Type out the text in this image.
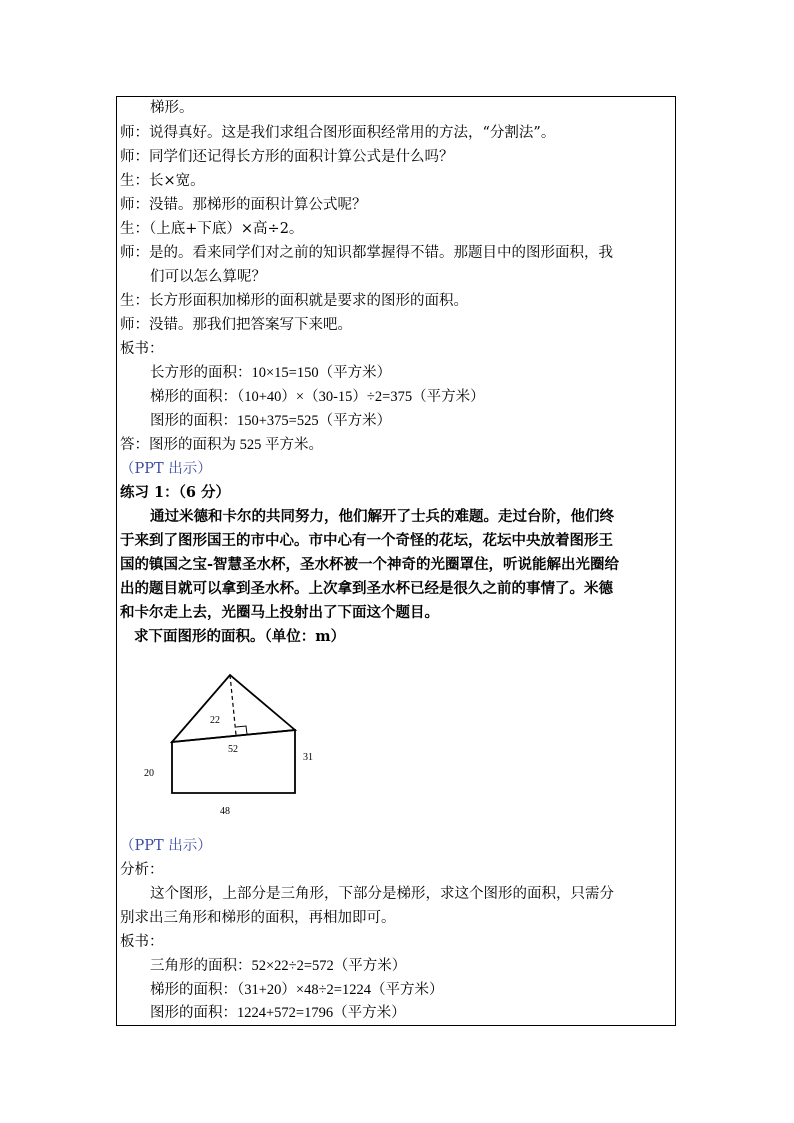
梯形。
师：说得真好。这是我们求组合图形面积经常用的方法，“分割法”。
师：同学们还记得长方形的面积计算公式是什么吗？
生：长×宽。
师：没错。那梯形的面积计算公式呢？
生：（上底+下底）×高÷2。
师：是的。看来同学们对之前的知识都掌握得不错。那题目中的图形面积，我
们可以怎么算呢？
生：长方形面积加梯形的面积就是要求的图形的面积。
师：没错。那我们把答案写下来吧。
板书：
长方形的面积：10×15=150（平方米）
梯形的面积：（10+40）×（30-15）÷2=375（平方米）
图形的面积：150+375=525（平方米）
答：图形的面积为 525 平方米。
（PPT 出示）
练习 1：（6 分）
通过米德和卡尔的共同努力，他们解开了士兵的难题。走过台阶，他们终
于来到了图形国王的市中心。市中心有一个奇怪的花坛，花坛中央放着图形王
国的镇国之宝-智慧圣水杯，圣水杯被一个神奇的光圈罩住，听说能解出光圈给
出的题目就可以拿到圣水杯。上次拿到圣水杯已经是很久之前的事情了。米德
和卡尔走上去，光圈马上投射出了下面这个题目。
求下面图形的面积。（单位：m）
22
52
20
31
48
（PPT 出示）
分析：
这个图形，上部分是三角形，下部分是梯形，求这个图形的面积，只需分
别求出三角形和梯形的面积，再相加即可。
板书：
三角形的面积：52×22÷2=572（平方米）
梯形的面积：（31+20）×48÷2=1224（平方米）
图形的面积：1224+572=1796（平方米）
